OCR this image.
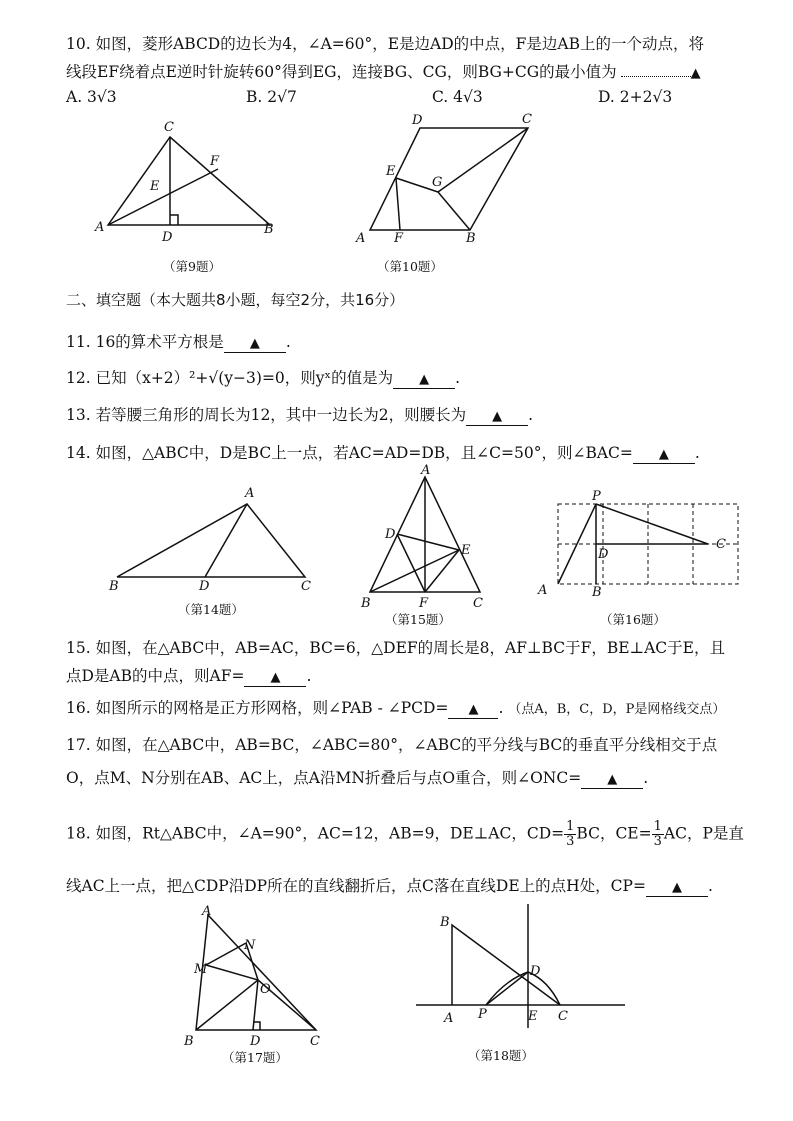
10. 如图，菱形ABCD的边长为4，∠A=60°，E是边AD的中点，F是边AB上的一个动点，将
线段EF绕着点E逆时针旋转60°得到EG，连接BG、CG，则BG+CG的最小值为	▲
A. 3√3	B. 2√7	C. 4√3	D. 2+2√3
C
F
E
A
D
B
（第9题）
D	C
E
G
A F	B
（第10题）
二、填空题（本大题共8小题，每空2分，共16分）
11. 16的算术平方根是 ▲ .
12. 已知（x+2）²+√(y−3)=0，则yˣ的值是为 ▲ .
13. 若等腰三角形的周长为12，其中一边长为2，则腰长为 ▲ .
14. 如图，△ABC中，D是BC上一点，若AC=AD=DB，且∠C=50°，则∠BAC= ▲ .
A
B	D	C
（第14题）
A
D
E
B	F	C
（第15题）
P
D
C
A	B
（第16题）
15. 如图，在△ABC中，AB=AC，BC=6，△DEF的周长是8，AF⊥BC于F，BE⊥AC于E，且
点D是AB的中点，则AF= ▲ .
16. 如图所示的网格是正方形网格，则∠PAB - ∠PCD= ▲ . （点A，B，C，D，P是网格线交点）
17. 如图，在△ABC中，AB=BC，∠ABC=80°，∠ABC的平分线与BC的垂直平分线相交于点
O，点M、N分别在AB、AC上，点A沿MN折叠后与点O重合，则∠ONC= ▲ .
18. 如图，Rt△ABC中，∠A=90°，AC=12，AB=9，DE⊥AC，$CD= \frac{1}{3}$ BC，$CE= \frac{1}{3}$ AC，P是直
线AC上一点，把△CDP沿DP所在的直线翻折后，点C落在直线DE上的点H处，CP= ▲ .
A
N
M
O
B	D	C
（第17题）
B
D
A P	E C
（第18题）
